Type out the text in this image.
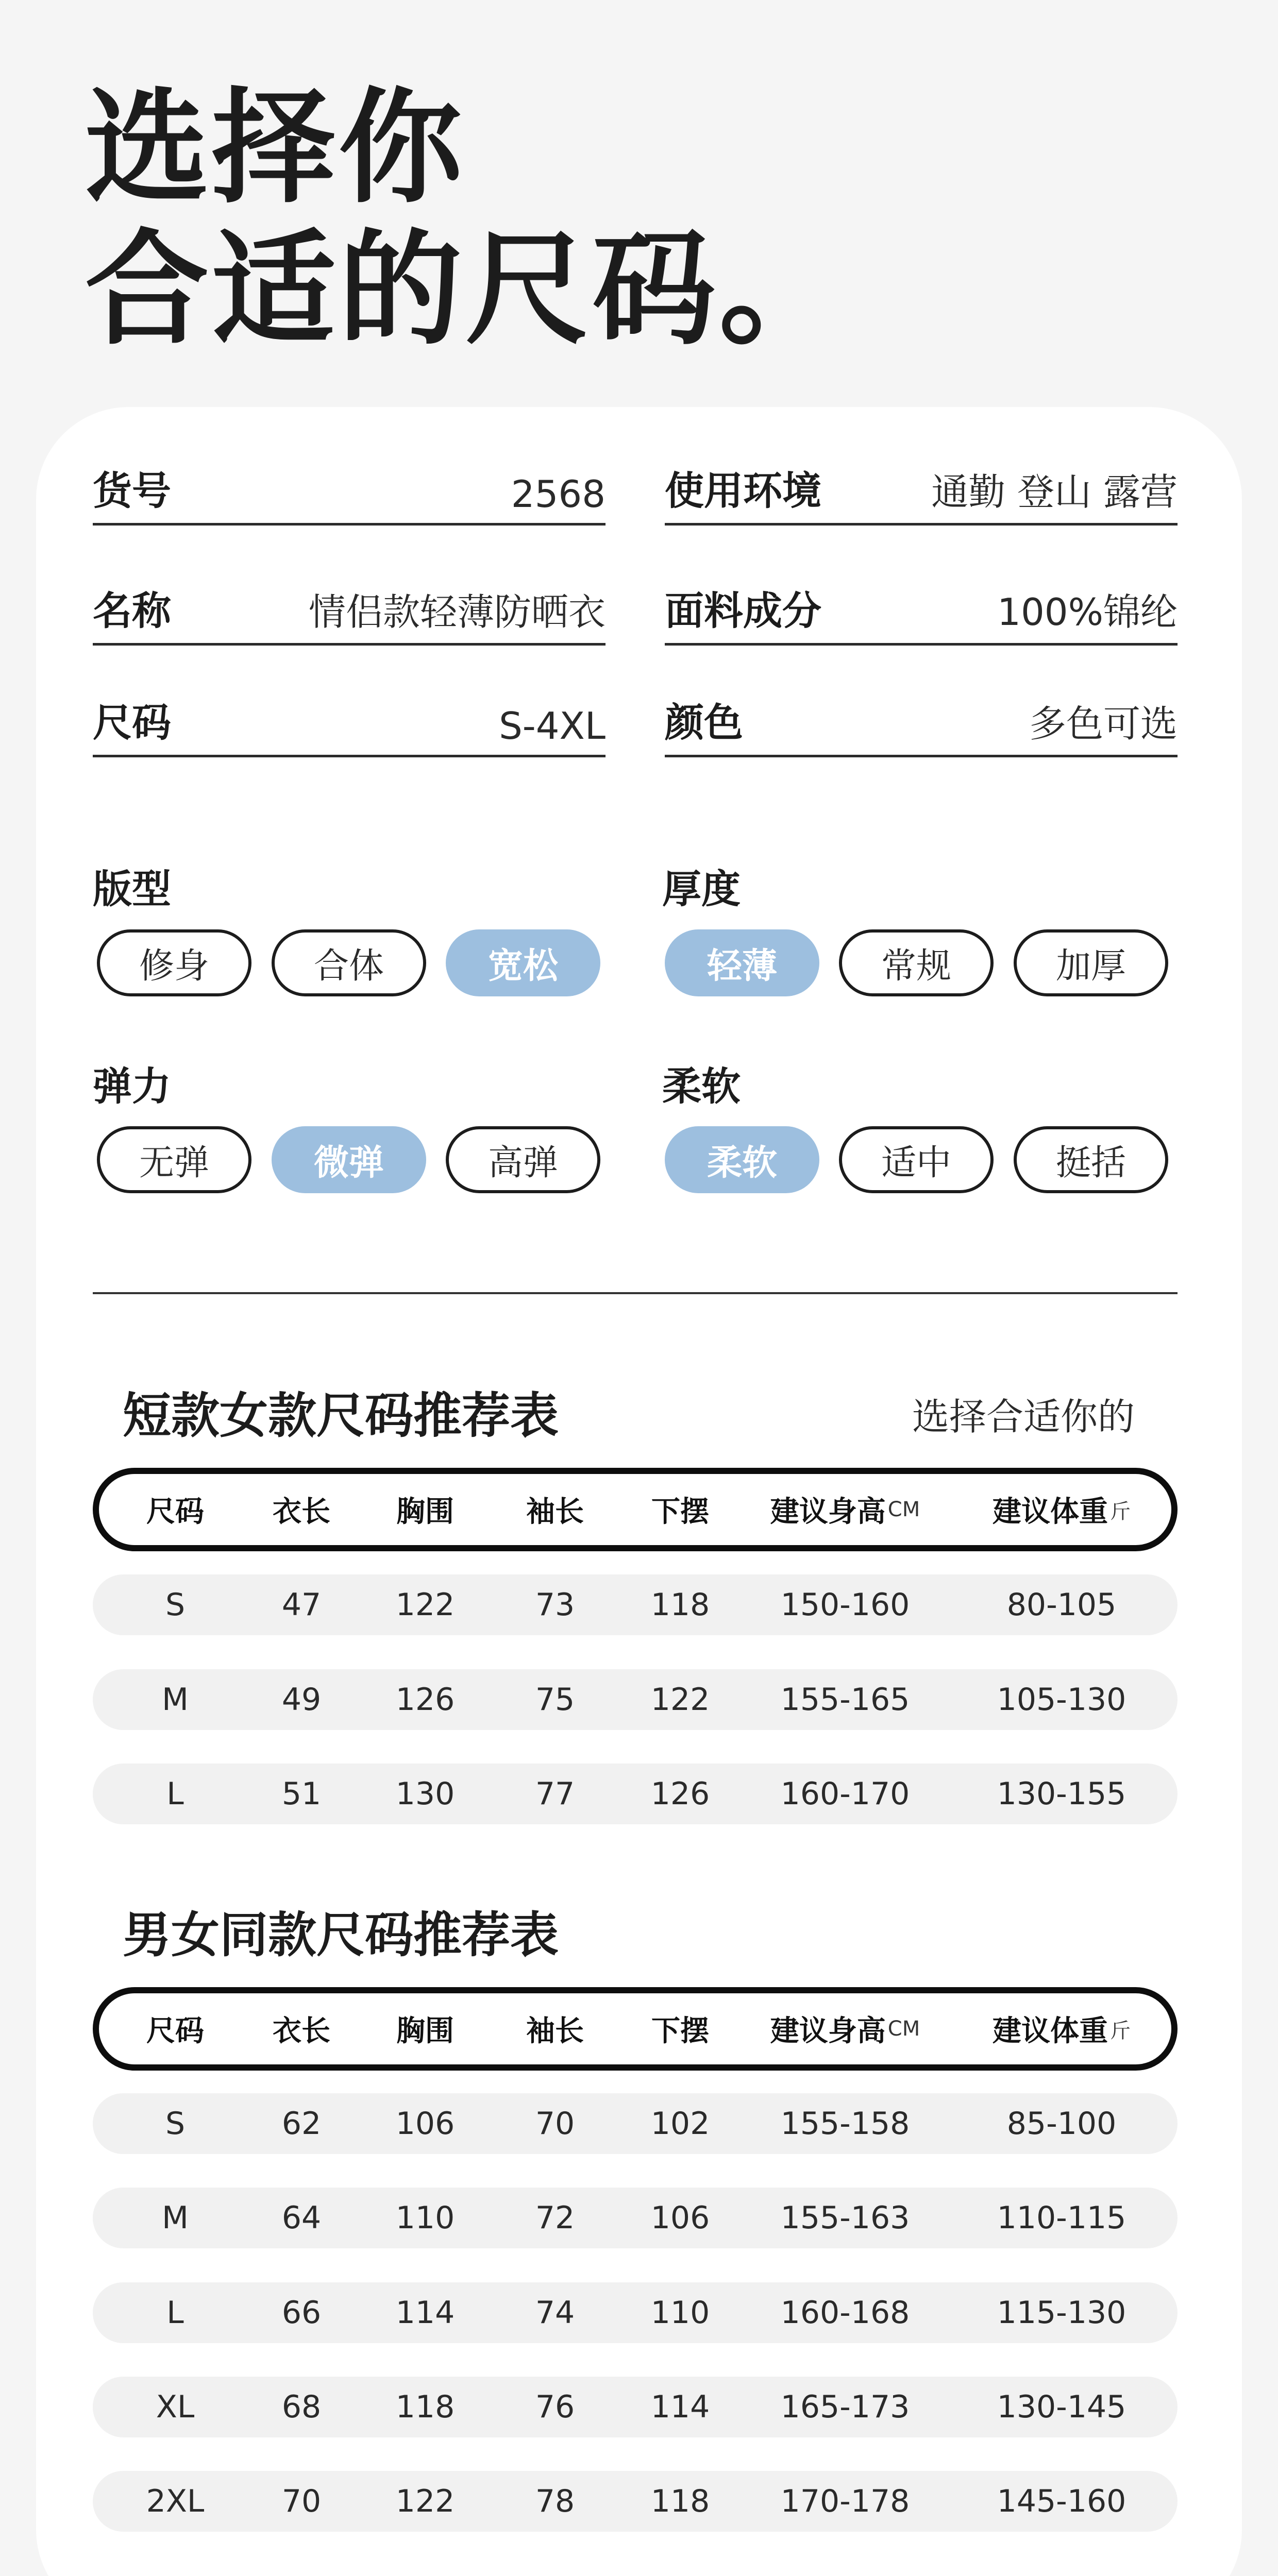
选择你
合适的尺码。
货号	2568 使用环境	通勤 登山 露营
名称	情侣款轻薄防晒衣 面料成分	100%锦纶
尺码	S-4XL 颜色	多色可选
版型
修身	合体	宽松
厚度
轻薄	常规	加厚
弹力
无弹	微弹	高弹
柔软
柔软	适中	挺括
短款女款尺码推荐表	选择合适你的
尺码 衣长 胸围	袖长 下摆 建议身高 CM	建议体重 斤
S	47 122	73 118 150-160	80-105
M	49 126	75 122 155-165	105-130
L	51 130	77 126 160-170	130-155
男女同款尺码推荐表
尺码 衣长 胸围	袖长 下摆 建议身高 CM	建议体重 斤
S	62 106	70 102 155-158	85-100
M	64 110	72 106 155-163	110-115
L	66 114	74 110 160-168	115-130
XL	68 118	76 114 165-173	130-145
2XL	70 122	78 118 170-178	145-160
